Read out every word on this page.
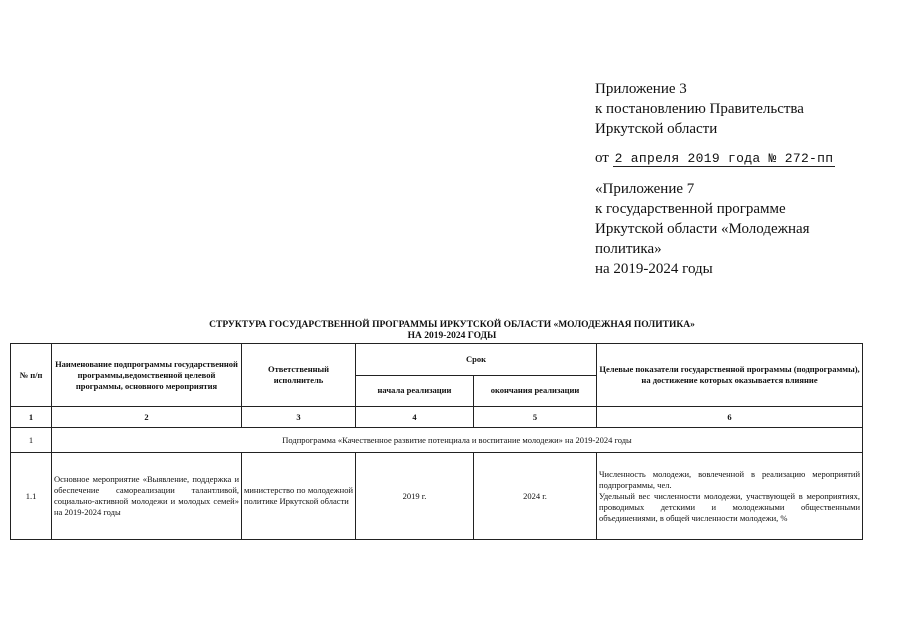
Приложение 3
к постановлению Правительства
Иркутской области
от 2 апреля 2019 года № 272-пп
«Приложение 7
к государственной программе
Иркутской области «Молодежная
политика»
на 2019-2024 годы
СТРУКТУРА ГОСУДАРСТВЕННОЙ ПРОГРАММЫ ИРКУТСКОЙ ОБЛАСТИ «МОЛОДЕЖНАЯ ПОЛИТИКА»
НА 2019-2024 ГОДЫ
№ п/п	Наименование подпрограммы государственной программы,ведомственной целевой программы, основного мероприятия	Ответственный исполнитель	Срок		Целевые показатели государственной программы (подпрограммы), на достижение которых оказывается влияние
			начала реализации	окончания реализации	
1	2	3	4	5	6
1	Подпрограмма «Качественное развитие потенциала и воспитание молодежи» на 2019-2024 годы				
1.1	Основное мероприятие «Выявление, поддержка и обеспечение самореализации талантливой, социально-активной молодежи и молодых семей» на 2019-2024 годы	министерство по молодежной политике Иркутской области	2019 г.	2024 г.	Численность молодежи, вовлеченной в реализацию мероприятий подпрограммы, чел.
Удельный вес численности молодежи, участвующей в мероприятиях, проводимых детскими и молодежными общественными объединениями, в общей численности молодежи, %
